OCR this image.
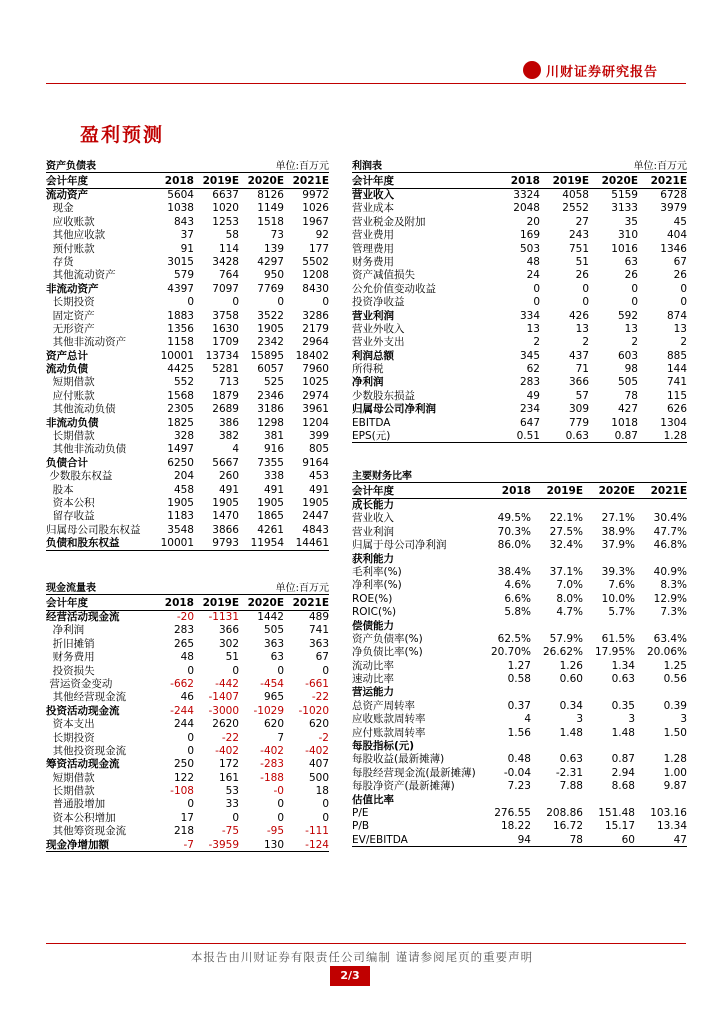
川财证券研究报告
盈利预测
资产负债表	单位:百万元
会计年度	2018 2019E 2020E 2021E
流动资产	5604	6637	8126	9972
现金	1038	1020	1149	1026
应收账款	843	1253	1518	1967
其他应收款	37	58	73	92
预付账款	91	114	139	177
存货	3015	3428	4297	5502
其他流动资产	579	764	950	1208
非流动资产	4397	7097	7769	8430
长期投资	0	0	0	0
固定资产	1883	3758	3522	3286
无形资产	1356	1630	1905	2179
其他非流动资产	1158	1709	2342	2964
资产总计	10001	13734	15895	18402
流动负债	4425	5281	6057	7960
短期借款	552	713	525	1025
应付账款	1568	1879	2346	2974
其他流动负债	2305	2689	3186	3961
非流动负债	1825	386	1298	1204
长期借款	328	382	381	399
其他非流动负债	1497	4	916	805
负债合计	6250	5667	7355	9164
少数股东权益	204	260	338	453
股本	458	491	491	491
资本公积	1905	1905	1905	1905
留存收益	1183	1470	1865	2447
归属母公司股东权益	3548	3866	4261	4843
负债和股东权益	10001	9793	11954	14461
利润表	单位:百万元
会计年度	2018	2019E	2020E	2021E
营业收入	3324	4058	5159	6728
营业成本	2048	2552	3133	3979
营业税金及附加	20	27	35	45
营业费用	169	243	310	404
管理费用	503	751	1016	1346
财务费用	48	51	63	67
资产减值损失	24	26	26	26
公允价值变动收益	0	0	0	0
投资净收益	0	0	0	0
营业利润	334	426	592	874
营业外收入	13	13	13	13
营业外支出	2	2	2	2
利润总额	345	437	603	885
所得税	62	71	98	144
净利润	283	366	505	741
少数股东损益	49	57	78	115
归属母公司净利润	234	309	427	626
EBITDA	647	779	1018	1304
EPS(元)	0.51	0.63	0.87	1.28
现金流量表	单位:百万元
会计年度	2018 2019E 2020E 2021E
经营活动现金流	-20	-1131	1442	489
净利润	283	366	505	741
折旧摊销	265	302	363	363
财务费用	48	51	63	67
投资损失	0	0	0	0
营运资金变动	-662	-442	-454	-661
其他经营现金流	46	-1407	965	-22
投资活动现金流	-244	-3000	-1029	-1020
资本支出	244	2620	620	620
长期投资	0	-22	7	-2
其他投资现金流	0	-402	-402	-402
筹资活动现金流	250	172	-283	407
短期借款	122	161	-188	500
长期借款	-108	53	-0	18
普通股增加	0	33	0	0
资本公积增加	17	0	0	0
其他筹资现金流	218	-75	-95	-111
现金净增加额	-7	-3959	130	-124
主要财务比率
会计年度	2018	2019E	2020E	2021E
成长能力
营业收入	49.5%	22.1%	27.1%	30.4%
营业利润	70.3%	27.5%	38.9%	47.7%
归属于母公司净利润	86.0%	32.4%	37.9%	46.8%
获利能力
毛利率(%)	38.4%	37.1%	39.3%	40.9%
净利率(%)	4.6%	7.0%	7.6%	8.3%
ROE(%)	6.6%	8.0%	10.0%	12.9%
ROIC(%)	5.8%	4.7%	5.7%	7.3%
偿债能力
资产负债率(%)	62.5%	57.9%	61.5%	63.4%
净负债比率(%)	20.70%	26.62%	17.95%	20.06%
流动比率	1.27	1.26	1.34	1.25
速动比率	0.58	0.60	0.63	0.56
营运能力
总资产周转率	0.37	0.34	0.35	0.39
应收账款周转率	4	3	3	3
应付账款周转率	1.56	1.48	1.48	1.50
每股指标(元)
每股收益(最新摊薄)	0.48	0.63	0.87	1.28
每股经营现金流(最新摊薄)	-0.04	-2.31	2.94	1.00
每股净资产(最新摊薄)	7.23	7.88	8.68	9.87
估值比率
P/E	276.55	208.86	151.48	103.16
P/B	18.22	16.72	15.17	13.34
EV/EBITDA	94	78	60	47
本报告由川财证券有限责任公司编制 谨请参阅尾页的重要声明
2/3
